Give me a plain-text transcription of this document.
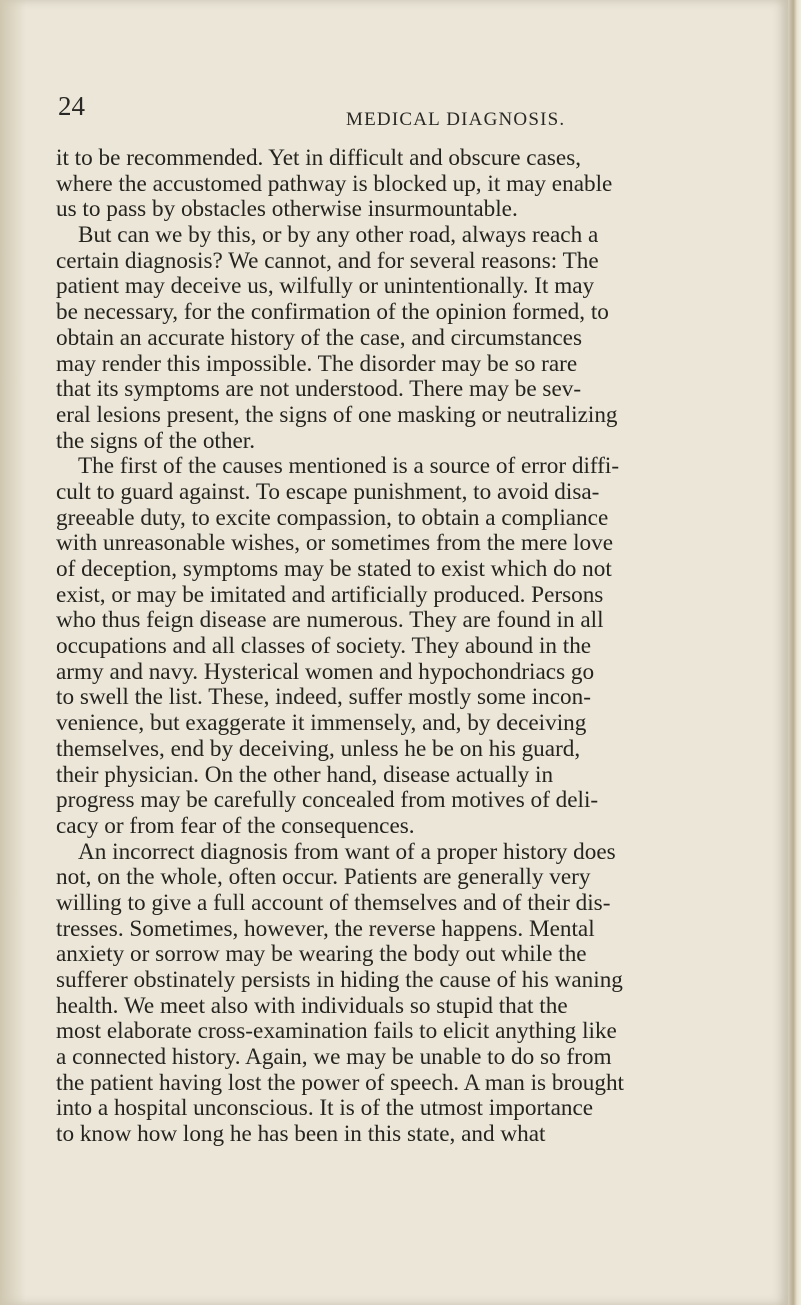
24	MEDICAL DIAGNOSIS.
it to be recommended. Yet in difficult and obscure cases,
where the accustomed pathway is blocked up, it may enable
us to pass by obstacles otherwise insurmountable.
But can we by this, or by any other road, always reach a
certain diagnosis? We cannot, and for several reasons: The
patient may deceive us, wilfully or unintentionally. It may
be necessary, for the confirmation of the opinion formed, to
obtain an accurate history of the case, and circumstances
may render this impossible. The disorder may be so rare
that its symptoms are not understood. There may be sev-
eral lesions present, the signs of one masking or neutralizing
the signs of the other.
The first of the causes mentioned is a source of error diffi-
cult to guard against. To escape punishment, to avoid disa-
greeable duty, to excite compassion, to obtain a compliance
with unreasonable wishes, or sometimes from the mere love
of deception, symptoms may be stated to exist which do not
exist, or may be imitated and artificially produced. Persons
who thus feign disease are numerous. They are found in all
occupations and all classes of society. They abound in the
army and navy. Hysterical women and hypochondriacs go
to swell the list. These, indeed, suffer mostly some incon-
venience, but exaggerate it immensely, and, by deceiving
themselves, end by deceiving, unless he be on his guard,
their physician. On the other hand, disease actually in
progress may be carefully concealed from motives of deli-
cacy or from fear of the consequences.
An incorrect diagnosis from want of a proper history does
not, on the whole, often occur. Patients are generally very
willing to give a full account of themselves and of their dis-
tresses. Sometimes, however, the reverse happens. Mental
anxiety or sorrow may be wearing the body out while the
sufferer obstinately persists in hiding the cause of his waning
health. We meet also with individuals so stupid that the
most elaborate cross-examination fails to elicit anything like
a connected history. Again, we may be unable to do so from
the patient having lost the power of speech. A man is brought
into a hospital unconscious. It is of the utmost importance
to know how long he has been in this state, and what
